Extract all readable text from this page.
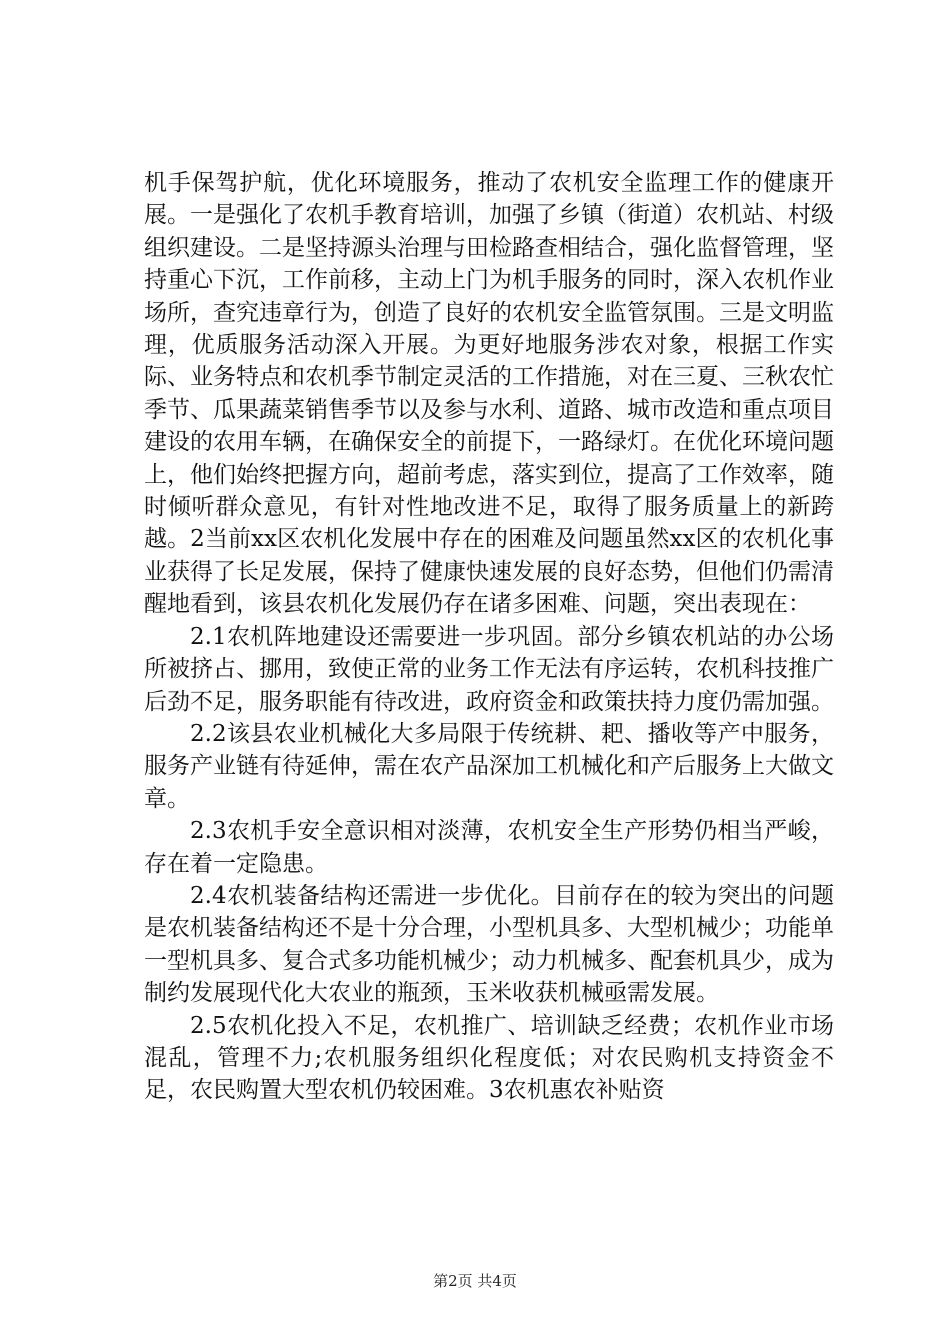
机手保驾护航，优化环境服务，推动了农机安全监理工作的健康开展。一是强化了农机手教育培训，加强了乡镇（街道）农机站、村级组织建设。二是坚持源头治理与田检路查相结合，强化监督管理，坚持重心下沉，工作前移，主动上门为机手服务的同时，深入农机作业场所，查究违章行为，创造了良好的农机安全监管氛围。三是文明监理，优质服务活动深入开展。为更好地服务涉农对象，根据工作实际、业务特点和农机季节制定灵活的工作措施，对在三夏、三秋农忙季节、瓜果蔬菜销售季节以及参与水利、道路、城市改造和重点项目建设的农用车辆，在确保安全的前提下，一路绿灯。在优化环境问题上，他们始终把握方向，超前考虑，落实到位，提高了工作效率，随时倾听群众意见，有针对性地改进不足，取得了服务质量上的新跨越。2当前xx区农机化发展中存在的困难及问题虽然xx区的农机化事业获得了长足发展，保持了健康快速发展的良好态势，但他们仍需清醒地看到，该县农机化发展仍存在诸多困难、问题，突出表现在：

2.1农机阵地建设还需要进一步巩固。部分乡镇农机站的办公场所被挤占、挪用，致使正常的业务工作无法有序运转，农机科技推广后劲不足，服务职能有待改进，政府资金和政策扶持力度仍需加强。

2.2该县农业机械化大多局限于传统耕、耙、播收等产中服务，服务产业链有待延伸，需在农产品深加工机械化和产后服务上大做文章。

2.3农机手安全意识相对淡薄，农机安全生产形势仍相当严峻，存在着一定隐患。

2.4农机装备结构还需进一步优化。目前存在的较为突出的问题是农机装备结构还不是十分合理，小型机具多、大型机械少；功能单一型机具多、复合式多功能机械少；动力机械多、配套机具少，成为制约发展现代化大农业的瓶颈，玉米收获机械亟需发展。

2.5农机化投入不足，农机推广、培训缺乏经费；农机作业市场混乱，管理不力;农机服务组织化程度低；对农民购机支持资金不足，农民购置大型农机仍较困难。3农机惠农补贴资

第2页 共4页
